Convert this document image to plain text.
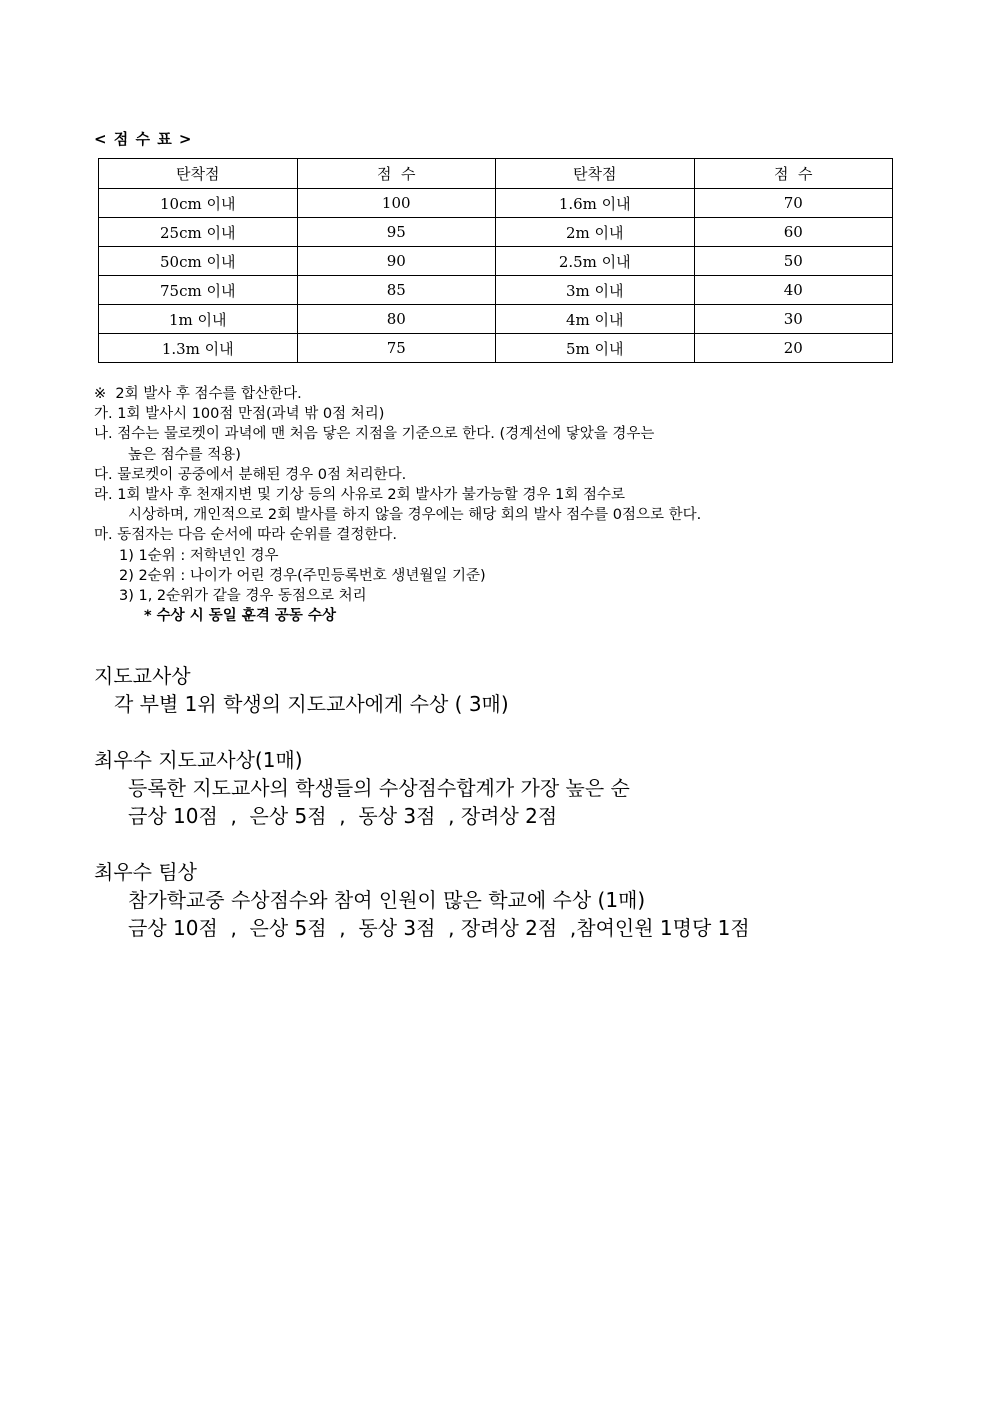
< 점 수 표 >
탄착점	점  수	탄착점	점  수
10cm 이내	100	1.6m 이내	70
25cm 이내	95	2m 이내	60
50cm 이내	90	2.5m 이내	50
75cm 이내	85	3m 이내	40
1m 이내	80	4m 이내	30
1.3m 이내	75	5m 이내	20
※  2회 발사 후 점수를 합산한다.
가. 1회 발사시 100점 만점(과녁 밖 0점 처리)
나. 점수는 물로켓이 과녁에 맨 처음 닿은 지점을 기준으로 한다. (경계선에 닿았을 경우는
높은 점수를 적용)
다. 물로켓이 공중에서 분해된 경우 0점 처리한다.
라. 1회 발사 후 천재지변 및 기상 등의 사유로 2회 발사가 불가능할 경우 1회 점수로
시상하며, 개인적으로 2회 발사를 하지 않을 경우에는 해당 회의 발사 점수를 0점으로 한다.
마. 동점자는 다음 순서에 따라 순위를 결정한다.
1) 1순위 : 저학년인 경우
2) 2순위 : 나이가 어린 경우(주민등록번호 생년월일 기준)
3) 1, 2순위가 같을 경우 동점으로 처리
* 수상 시 동일 훈격 공동 수상
지도교사상
각 부별 1위 학생의 지도교사에게 수상 ( 3매)
최우수 지도교사상(1매)
등록한 지도교사의 학생들의 수상점수합계가 가장 높은 순
금상 10점  ,  은상 5점  ,  동상 3점  , 장려상 2점
최우수 팀상
참가학교중 수상점수와 참여 인원이 많은 학교에 수상 (1매)
금상 10점  ,  은상 5점  ,  동상 3점  , 장려상 2점  ,참여인원 1명당 1점
